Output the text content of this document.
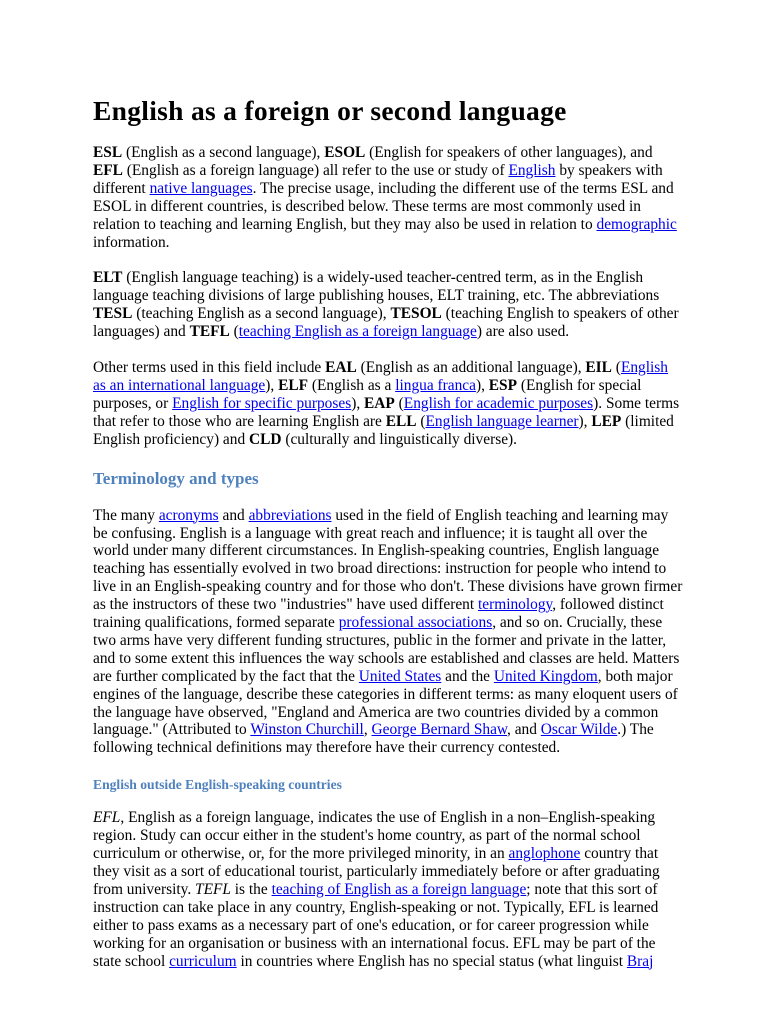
English as a foreign or second language

ESL (English as a second language), ESOL (English for speakers of other languages), and EFL (English as a foreign language) all refer to the use or study of English by speakers with different native languages. The precise usage, including the different use of the terms ESL and ESOL in different countries, is described below. These terms are most commonly used in relation to teaching and learning English, but they may also be used in relation to demographic information.

ELT (English language teaching) is a widely-used teacher-centred term, as in the English language teaching divisions of large publishing houses, ELT training, etc. The abbreviations TESL (teaching English as a second language), TESOL (teaching English to speakers of other languages) and TEFL (teaching English as a foreign language) are also used.

Other terms used in this field include EAL (English as an additional language), EIL (English as an international language), ELF (English as a lingua franca), ESP (English for special purposes, or English for specific purposes), EAP (English for academic purposes). Some terms that refer to those who are learning English are ELL (English language learner), LEP (limited English proficiency) and CLD (culturally and linguistically diverse).

Terminology and types

The many acronyms and abbreviations used in the field of English teaching and learning may be confusing. English is a language with great reach and influence; it is taught all over the world under many different circumstances. In English-speaking countries, English language teaching has essentially evolved in two broad directions: instruction for people who intend to live in an English-speaking country and for those who don't. These divisions have grown firmer as the instructors of these two "industries" have used different terminology, followed distinct training qualifications, formed separate professional associations, and so on. Crucially, these two arms have very different funding structures, public in the former and private in the latter, and to some extent this influences the way schools are established and classes are held. Matters are further complicated by the fact that the United States and the United Kingdom, both major engines of the language, describe these categories in different terms: as many eloquent users of the language have observed, "England and America are two countries divided by a common language." (Attributed to Winston Churchill, George Bernard Shaw, and Oscar Wilde.) The following technical definitions may therefore have their currency contested.

English outside English-speaking countries

EFL, English as a foreign language, indicates the use of English in a non–English-speaking region. Study can occur either in the student's home country, as part of the normal school curriculum or otherwise, or, for the more privileged minority, in an anglophone country that they visit as a sort of educational tourist, particularly immediately before or after graduating from university. TEFL is the teaching of English as a foreign language; note that this sort of instruction can take place in any country, English-speaking or not. Typically, EFL is learned either to pass exams as a necessary part of one's education, or for career progression while working for an organisation or business with an international focus. EFL may be part of the state school curriculum in countries where English has no special status (what linguist Braj
